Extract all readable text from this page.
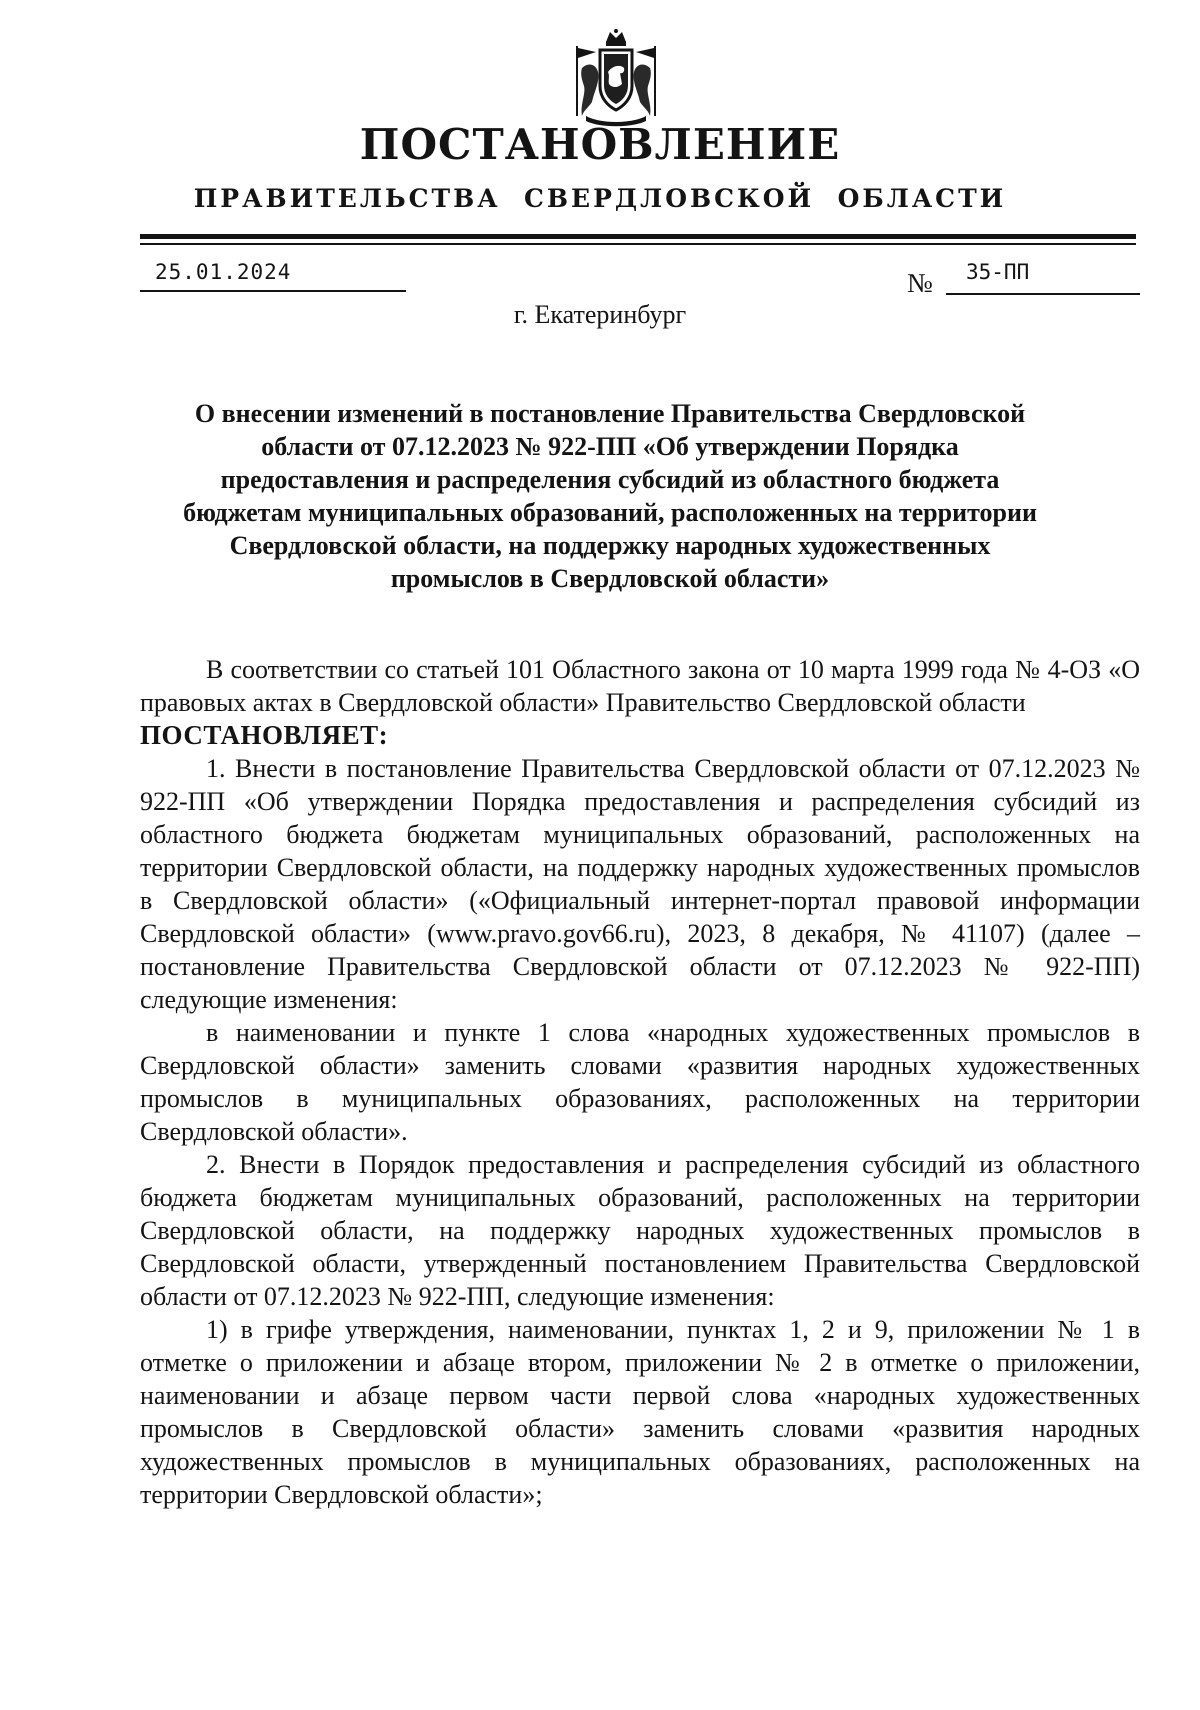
ПОСТАНОВЛЕНИЕ
ПРАВИТЕЛЬСТВА  СВЕРДЛОВСКОЙ  ОБЛАСТИ
25.01.2024	№ 35-ПП
г. Екатеринбург
О внесении изменений в постановление Правительства Свердловской области от 07.12.2023 № 922-ПП «Об утверждении Порядка предоставления и распределения субсидий из областного бюджета бюджетам муниципальных образований, расположенных на территории Свердловской области, на поддержку народных художественных промыслов в Свердловской области»

В соответствии со статьей 101 Областного закона от 10 марта 1999 года № 4-ОЗ «О правовых актах в Свердловской области» Правительство Свердловской области

ПОСТАНОВЛЯЕТ:

1. Внести в постановление Правительства Свердловской области от 07.12.2023 № 922-ПП «Об утверждении Порядка предоставления и распределения субсидий из областного бюджета бюджетам муниципальных образований, расположенных на территории Свердловской области, на поддержку народных художественных промыслов в Свердловской области» («Официальный интернет-портал правовой информации Свердловской области» (www.pravo.gov66.ru), 2023, 8 декабря, № 41107) (далее – постановление Правительства Свердловской области от 07.12.2023 № 922-ПП) следующие изменения:

в наименовании и пункте 1 слова «народных художественных промыслов в Свердловской области» заменить словами «развития народных художественных промыслов в муниципальных образованиях, расположенных на территории Свердловской области».

2. Внести в Порядок предоставления и распределения субсидий из областного бюджета бюджетам муниципальных образований, расположенных на территории Свердловской области, на поддержку народных художественных промыслов в Свердловской области, утвержденный постановлением Правительства Свердловской области от 07.12.2023 № 922-ПП, следующие изменения:

1) в грифе утверждения, наименовании, пунктах 1, 2 и 9, приложении № 1 в отметке о приложении и абзаце втором, приложении № 2 в отметке о приложении, наименовании и абзаце первом части первой слова «народных художественных промыслов в Свердловской области» заменить словами «развития народных художественных промыслов в муниципальных образованиях, расположенных на территории Свердловской области»;
